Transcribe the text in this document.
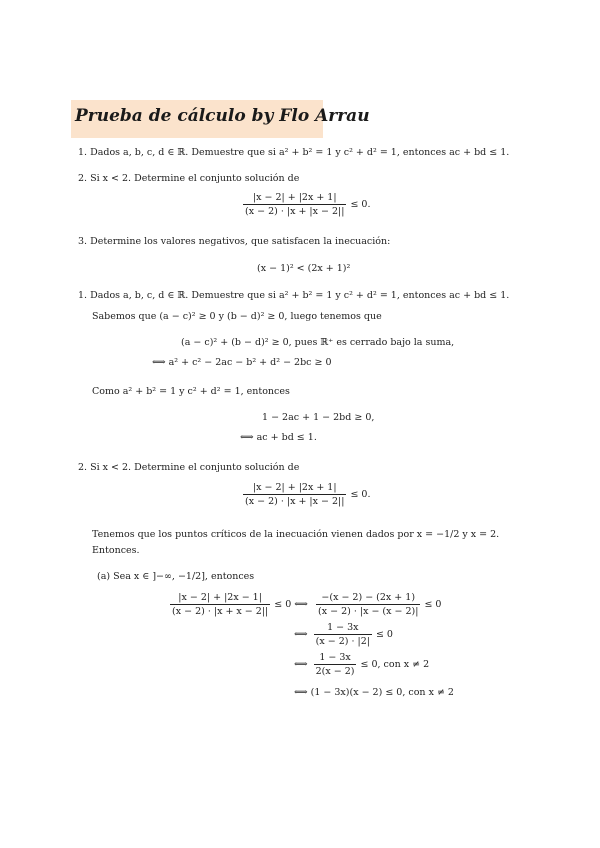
Prueba de cálculo by Flo Arrau
1. Dados a, b, c, d ∈ ℝ. Demuestre que si a² + b² = 1 y c² + d² = 1, entonces ac + bd ≤ 1.
2. Si x < 2. Determine el conjunto solución de
$\frac{|x - 2| + |2x + 1|}{(x - 2) \cdot |x + |x - 2||} \le 0$.
3. Determine los valores negativos, que satisfacen la inecuación:
(x − 1)² < (2x + 1)²
1. Dados a, b, c, d ∈ ℝ. Demuestre que si a² + b² = 1 y c² + d² = 1, entonces ac + bd ≤ 1.
Sabemos que (a − c)² ≥ 0 y (b − d)² ≥ 0, luego tenemos que
(a − c)² + (b − d)² ≥ 0, pues ℝ⁺ es cerrado bajo la suma,
⟺ a² + c² − 2ac − b² + d² − 2bc ≥ 0
Como a² + b² = 1 y c² + d² = 1, entonces
1 − 2ac + 1 − 2bd ≥ 0,
⟺ ac + bd ≤ 1.
2. Si x < 2. Determine el conjunto solución de
$\frac{|x - 2| + |2x + 1|}{(x - 2) \cdot |x + |x - 2||} \le 0$.
Tenemos que los puntos críticos de la inecuación vienen dados por x = −1/2 y x = 2.
Entonces.
(a) Sea x ∈ ]−∞, −1/2], entonces
$\frac{|x - 2| + |2x - 1|}{(x - 2) \cdot |x + x - 2||} \le 0$ ⟺ $\frac{-(x - 2) - (2x + 1)}{(x - 2) \cdot |x - (x - 2)|} \le 0$
⟺ $\frac{1 - 3x}{(x - 2) \cdot |2|} \le 0$
⟺ $\frac{1 - 3x}{2(x - 2)} \le 0$, con x ≠ 2
⟺ (1 − 3x)(x − 2) ≤ 0, con x ≠ 2
